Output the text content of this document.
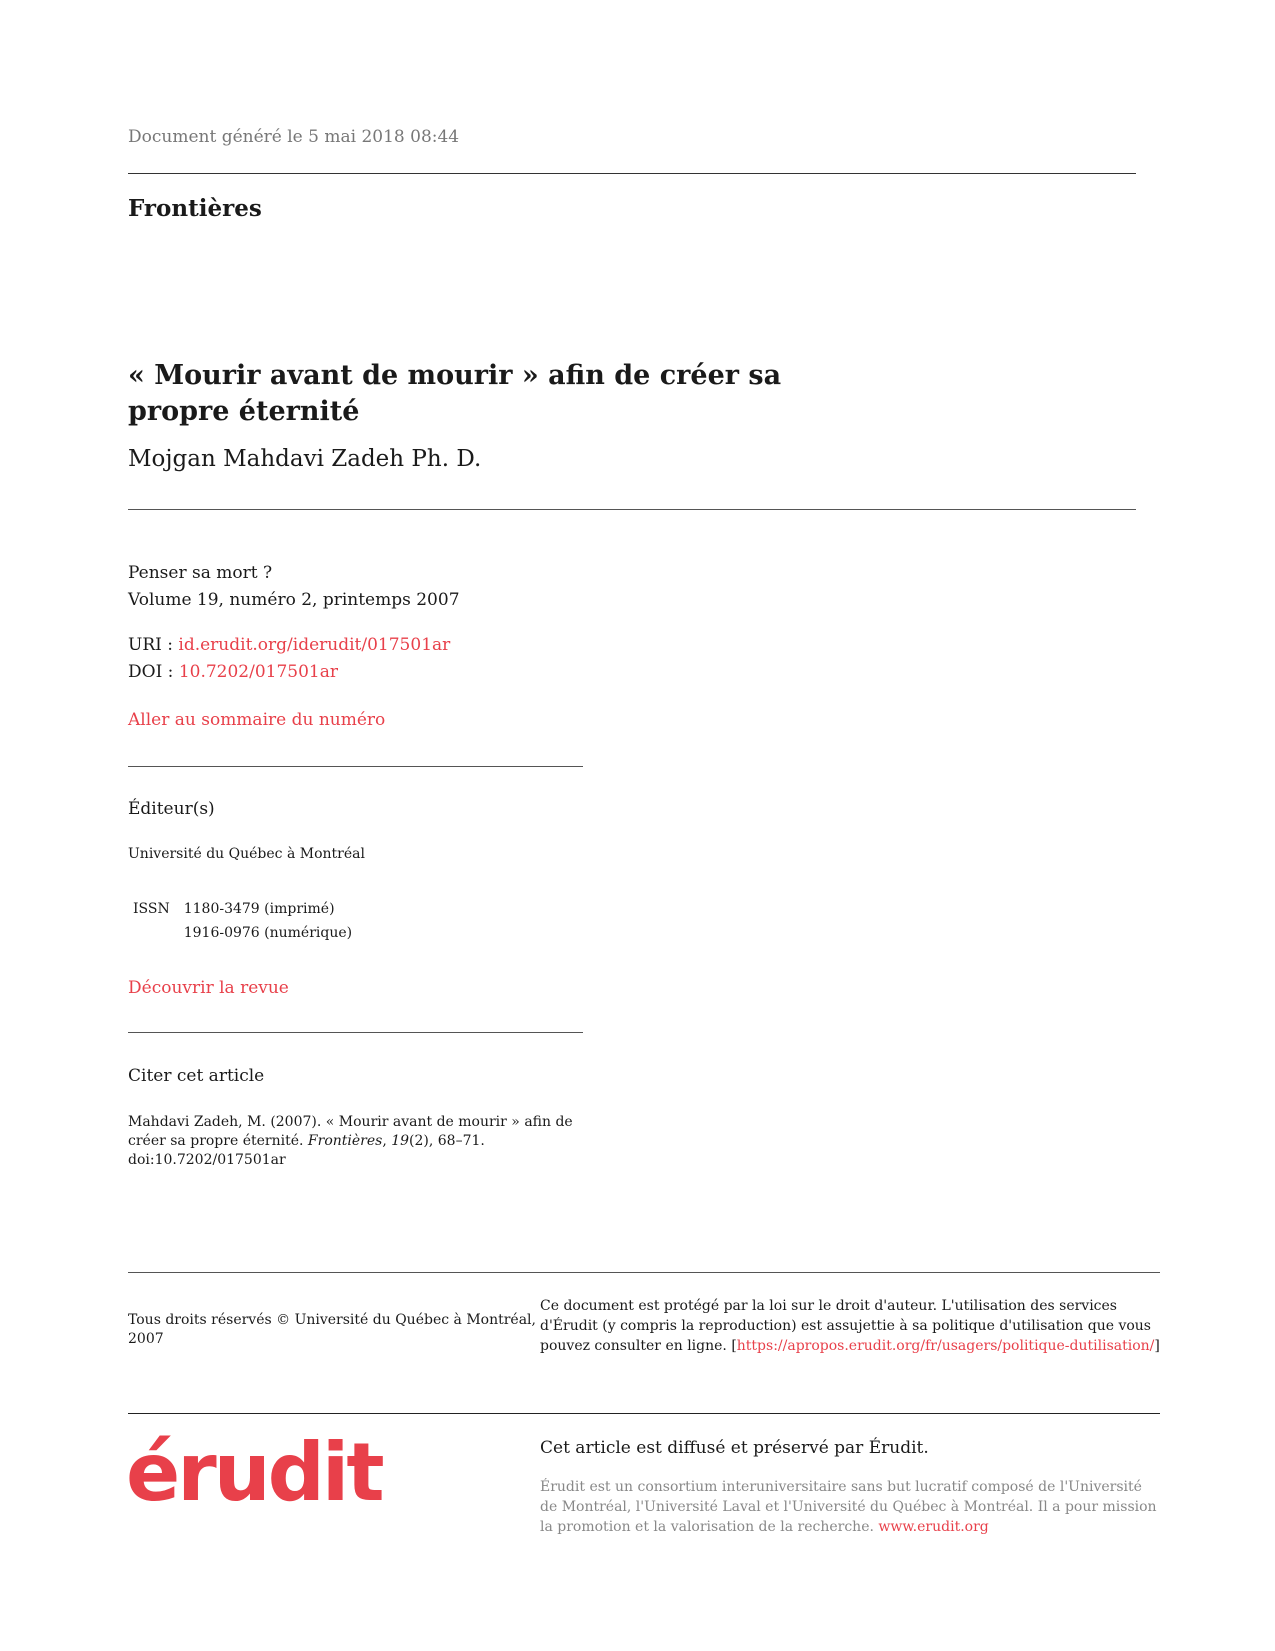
Document généré le 5 mai 2018 08:44
Frontières
« Mourir avant de mourir » afin de créer sa propre éternité
Mojgan Mahdavi Zadeh Ph. D.
Penser sa mort ?
Volume 19, numéro 2, printemps 2007
URI : id.erudit.org/iderudit/017501ar
DOI : 10.7202/017501ar
Aller au sommaire du numéro
Éditeur(s)
Université du Québec à Montréal
ISSN 1180-3479 (imprimé)
1916-0976 (numérique)
Découvrir la revue
Citer cet article
Mahdavi Zadeh, M. (2007). « Mourir avant de mourir » afin de créer sa propre éternité. Frontières, 19(2), 68–71. doi:10.7202/017501ar
Tous droits réservés © Université du Québec à Montréal, 2007
Ce document est protégé par la loi sur le droit d'auteur. L'utilisation des services d'Érudit (y compris la reproduction) est assujettie à sa politique d'utilisation que vous pouvez consulter en ligne. [https://apropos.erudit.org/fr/usagers/politique-dutilisation/]
érudit	Cet article est diffusé et préservé par Érudit.
Érudit est un consortium interuniversitaire sans but lucratif composé de l'Université de Montréal, l'Université Laval et l'Université du Québec à Montréal. Il a pour mission la promotion et la valorisation de la recherche. www.erudit.org
